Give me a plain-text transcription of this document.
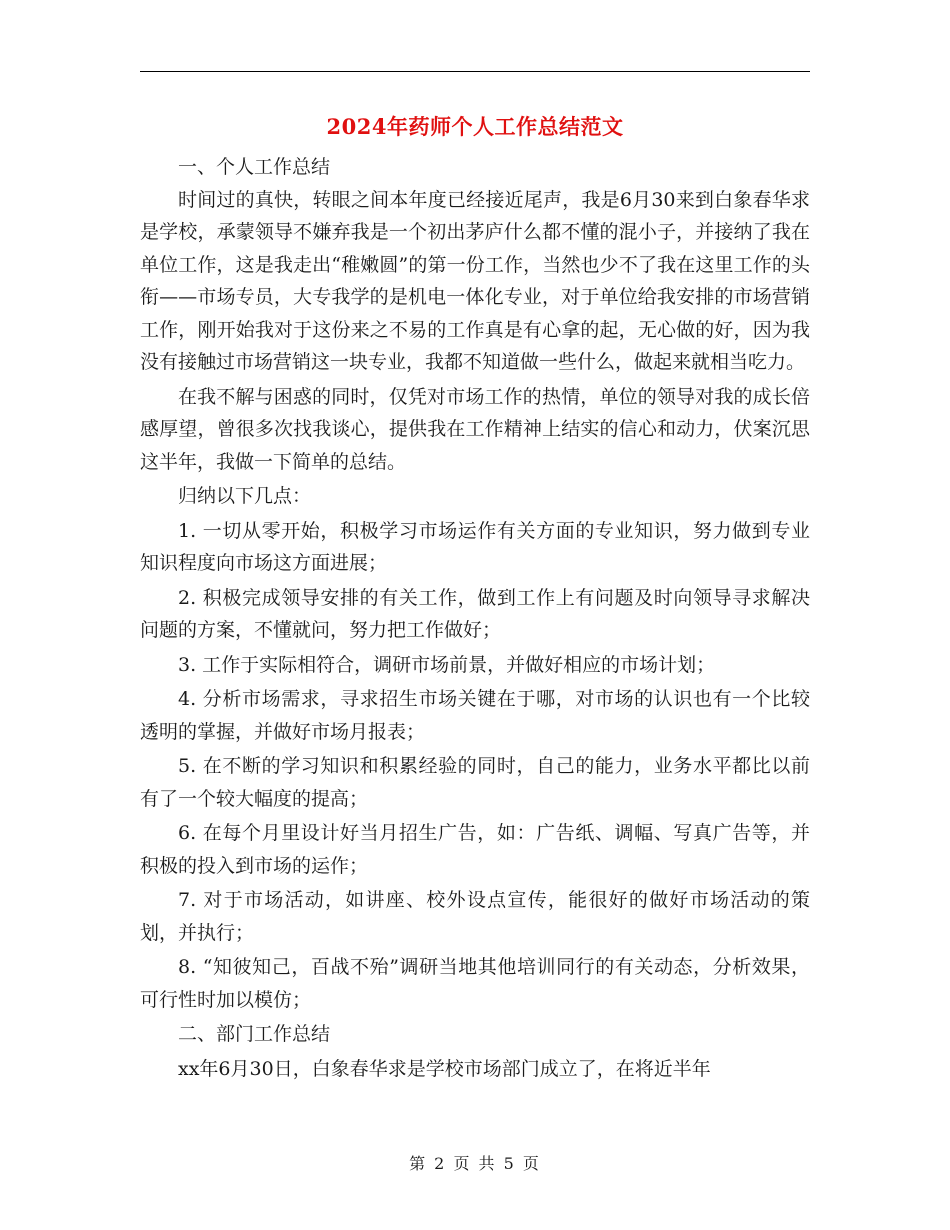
2024年药师个人工作总结范文

一、个人工作总结

时间过的真快，转眼之间本年度已经接近尾声，我是6月30来到白象春华求是学校，承蒙领导不嫌弃我是一个初出茅庐什么都不懂的混小子，并接纳了我在单位工作，这是我走出“稚嫩圆”的第一份工作，当然也少不了我在这里工作的头衔——市场专员，大专我学的是机电一体化专业，对于单位给我安排的市场营销工作，刚开始我对于这份来之不易的工作真是有心拿的起，无心做的好，因为我没有接触过市场营销这一块专业，我都不知道做一些什么，做起来就相当吃力。

在我不解与困惑的同时，仅凭对市场工作的热情，单位的领导对我的成长倍感厚望，曾很多次找我谈心，提供我在工作精神上结实的信心和动力，伏案沉思这半年，我做一下简单的总结。

归纳以下几点：

1. 一切从零开始，积极学习市场运作有关方面的专业知识，努力做到专业知识程度向市场这方面进展；

2. 积极完成领导安排的有关工作，做到工作上有问题及时向领导寻求解决问题的方案，不懂就问，努力把工作做好；

3. 工作于实际相符合，调研市场前景，并做好相应的市场计划；

4. 分析市场需求，寻求招生市场关键在于哪，对市场的认识也有一个比较透明的掌握，并做好市场月报表；

5. 在不断的学习知识和积累经验的同时，自己的能力，业务水平都比以前有了一个较大幅度的提高；

6. 在每个月里设计好当月招生广告，如：广告纸、调幅、写真广告等，并积极的投入到市场的运作；

7. 对于市场活动，如讲座、校外设点宣传，能很好的做好市场活动的策划，并执行；

8. “知彼知己，百战不殆”调研当地其他培训同行的有关动态，分析效果，可行性时加以模仿；

二、部门工作总结

xx年6月30日，白象春华求是学校市场部门成立了，在将近半年

第 2 页 共 5 页
